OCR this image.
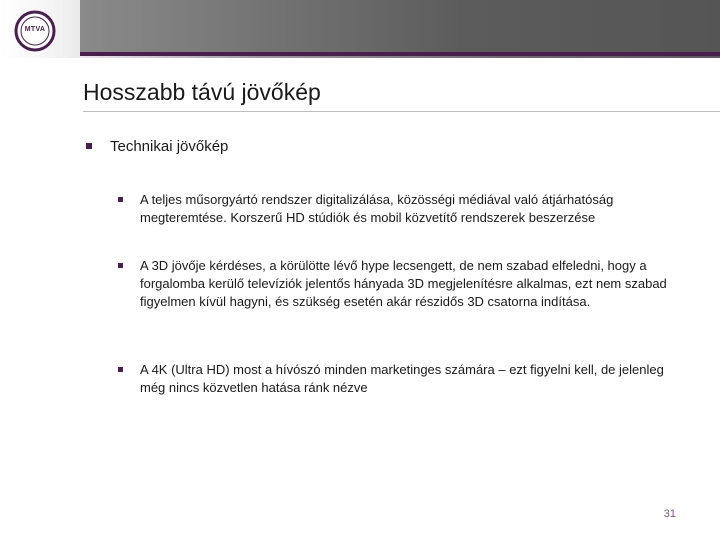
MTVA
Hosszabb távú jövőkép
Technikai jövőkép
A teljes műsorgyártó rendszer digitalizálása, közösségi médiával való átjárhatóság megteremtése. Korszerű HD stúdiók és mobil közvetítő rendszerek beszerzése
A 3D jövője kérdéses, a körülötte lévő hype lecsengett, de nem szabad elfeledni, hogy a forgalomba kerülő televíziók jelentős hányada 3D megjelenítésre alkalmas, ezt nem szabad figyelmen kívül hagyni, és szükség esetén akár részidős 3D csatorna indítása.
A 4K (Ultra HD) most a hívószó minden marketinges számára – ezt figyelni kell, de jelenleg még nincs közvetlen hatása ránk nézve
31
